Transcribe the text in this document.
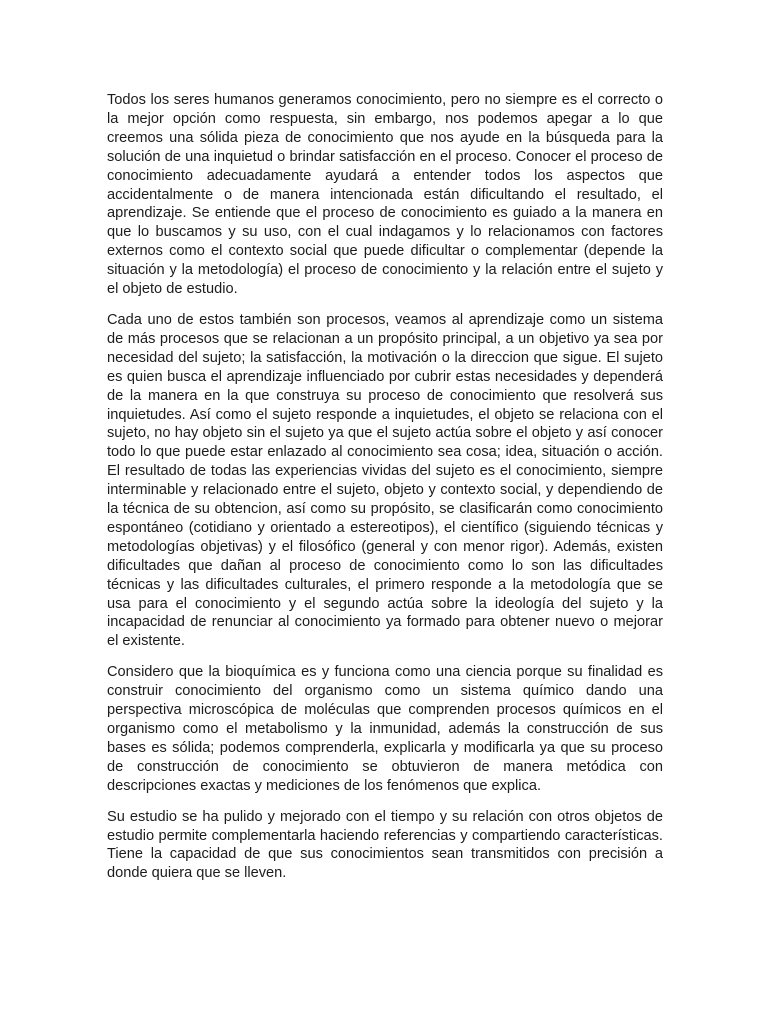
Todos los seres humanos generamos conocimiento, pero no siempre es el correcto o la mejor opción como respuesta, sin embargo, nos podemos apegar a lo que creemos una sólida pieza de conocimiento que nos ayude en la búsqueda para la solución de una inquietud o brindar satisfacción en el proceso. Conocer el proceso de conocimiento adecuadamente ayudará a entender todos los aspectos que accidentalmente o de manera intencionada están dificultando el resultado, el aprendizaje. Se entiende que el proceso de conocimiento es guiado a la manera en que lo buscamos y su uso, con el cual indagamos y lo relacionamos con factores externos como el contexto social que puede dificultar o complementar (depende la situación y la metodología) el proceso de conocimiento y la relación entre el sujeto y el objeto de estudio.

Cada uno de estos también son procesos, veamos al aprendizaje como un sistema de más procesos que se relacionan a un propósito principal, a un objetivo ya sea por necesidad del sujeto; la satisfacción, la motivación o la direccion que sigue. El sujeto es quien busca el aprendizaje influenciado por cubrir estas necesidades y dependerá de la manera en la que construya su proceso de conocimiento que resolverá sus inquietudes. Así como el sujeto responde a inquietudes, el objeto se relaciona con el sujeto, no hay objeto sin el sujeto ya que el sujeto actúa sobre el objeto y así conocer todo lo que puede estar enlazado al conocimiento sea cosa; idea, situación o acción. El resultado de todas las experiencias vividas del sujeto es el conocimiento, siempre interminable y relacionado entre el sujeto, objeto y contexto social, y dependiendo de la técnica de su obtencion, así como su propósito, se clasificarán como conocimiento espontáneo (cotidiano y orientado a estereotipos), el científico (siguiendo técnicas y metodologías objetivas) y el filosófico (general y con menor rigor). Además, existen dificultades que dañan al proceso de conocimiento como lo son las dificultades técnicas y las dificultades culturales, el primero responde a la metodología que se usa para el conocimiento y el segundo actúa sobre la ideología del sujeto y la incapacidad de renunciar al conocimiento ya formado para obtener nuevo o mejorar el existente.

Considero que la bioquímica es y funciona como una ciencia porque su finalidad es construir conocimiento del organismo como un sistema químico dando una perspectiva microscópica de moléculas que comprenden procesos químicos en el organismo como el metabolismo y la inmunidad, además la construcción de sus bases es sólida; podemos comprenderla, explicarla y modificarla ya que su proceso de construcción de conocimiento se obtuvieron de manera metódica con descripciones exactas y mediciones de los fenómenos que explica.

Su estudio se ha pulido y mejorado con el tiempo y su relación con otros objetos de estudio permite complementarla haciendo referencias y compartiendo características. Tiene la capacidad de que sus conocimientos sean transmitidos con precisión a donde quiera que se lleven.
